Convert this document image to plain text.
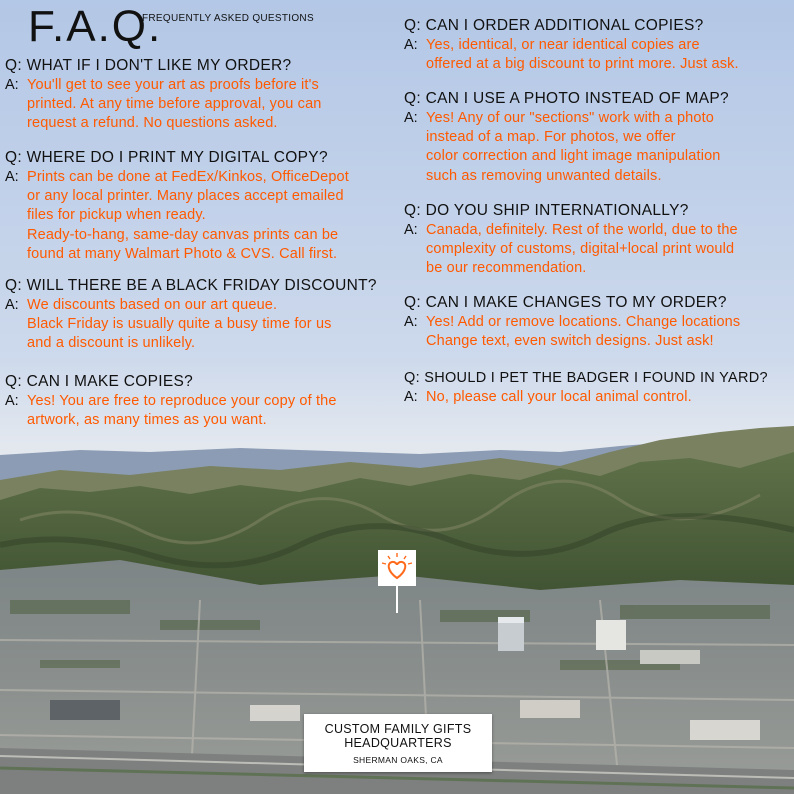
F.A.Q.
FREQUENTLY ASKED QUESTIONS
Q: WHAT IF I DON'T LIKE MY ORDER?
A: You'll get to see your art as proofs before it's
printed. At any time before approval, you can
request a refund. No questions asked.
Q: WHERE DO I PRINT MY DIGITAL COPY?
A: Prints can be done at FedEx/Kinkos, OfficeDepot
or any local printer. Many places accept emailed
files for pickup when ready.
Ready-to-hang, same-day canvas prints can be
found at many Walmart Photo & CVS. Call first.
Q: WILL THERE BE A BLACK FRIDAY DISCOUNT?
A: We discounts based on our art queue.
Black Friday is usually quite a busy time for us
and a discount is unlikely.
Q: CAN I MAKE COPIES?
A: Yes! You are free to reproduce your copy of the
artwork, as many times as you want.
Q: CAN I ORDER ADDITIONAL COPIES?
A: Yes, identical, or near identical copies are
offered at a big discount to print more. Just ask.
Q: CAN I USE A PHOTO INSTEAD OF MAP?
A: Yes! Any of our "sections" work with a photo
instead of a map. For photos, we offer
color correction and light image manipulation
such as removing unwanted details.
Q: DO YOU SHIP INTERNATIONALLY?
A: Canada, definitely. Rest of the world, due to the
complexity of customs, digital+local print would
be our recommendation.
Q: CAN I MAKE CHANGES TO MY ORDER?
A: Yes! Add or remove locations. Change locations
Change text, even switch designs. Just ask!
Q: SHOULD I PET THE BADGER I FOUND IN YARD?
A: No, please call your local animal control.
CUSTOM FAMILY GIFTS
HEADQUARTERS
SHERMAN OAKS, CA
